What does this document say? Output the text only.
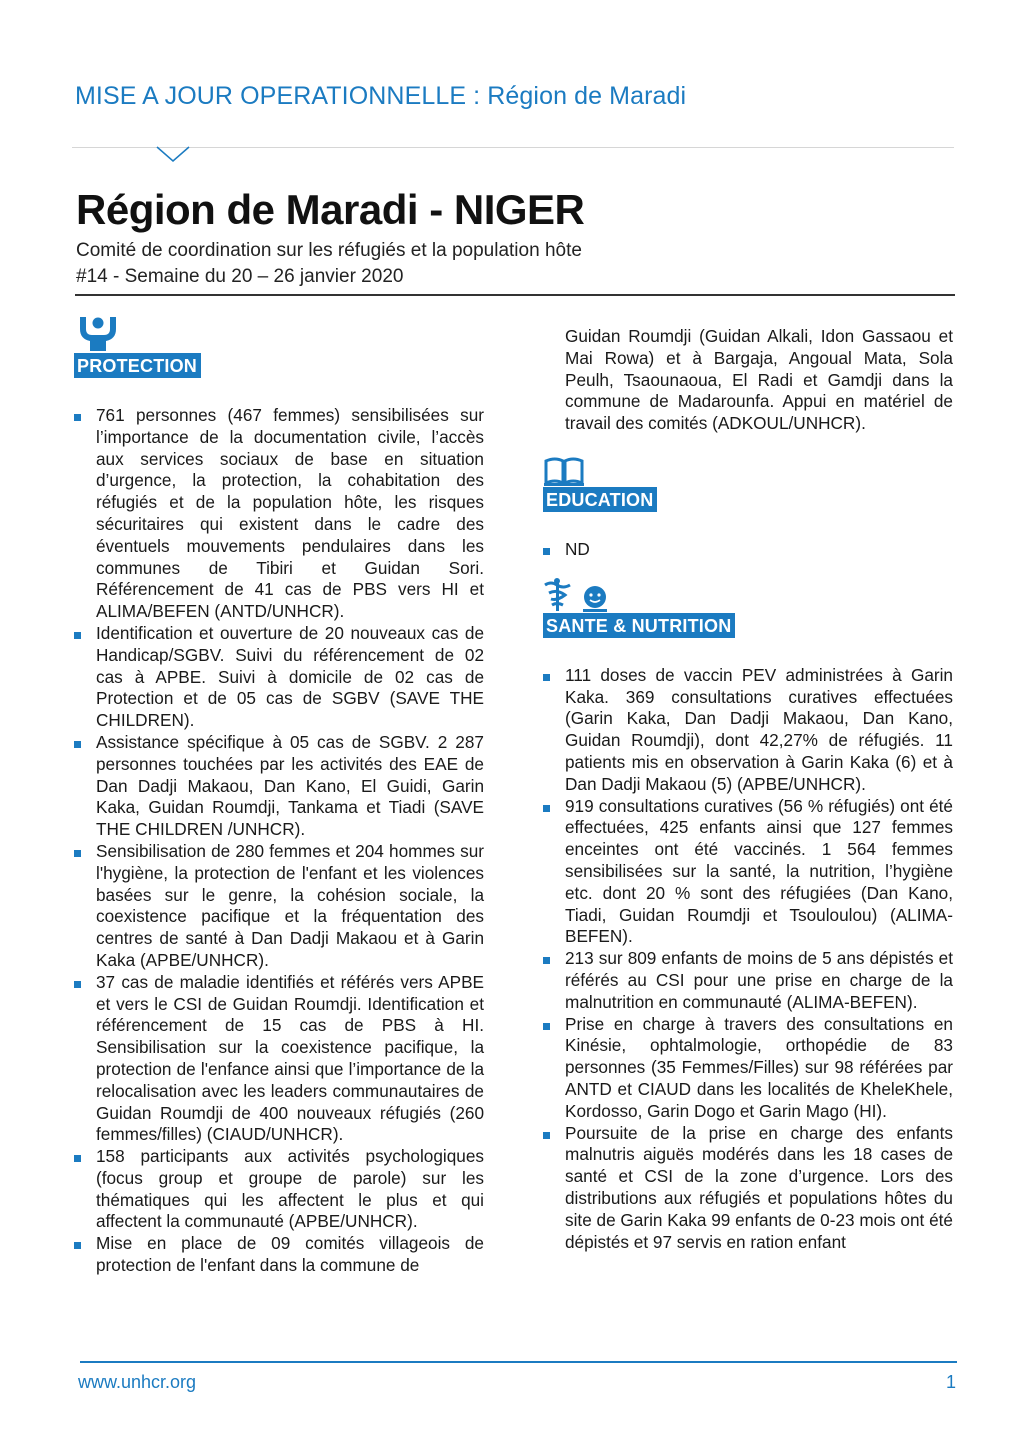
MISE A JOUR OPERATIONNELLE : Région de Maradi
Région de Maradi - NIGER
Comité de coordination sur les réfugiés et la population hôte
#14 - Semaine du 20 – 26 janvier 2020
PROTECTION
761 personnes (467 femmes) sensibilisées sur l’importance de la documentation civile, l’accès aux services sociaux de base en situation d’urgence, la protection, la cohabitation des réfugiés et de la population hôte, les risques sécuritaires qui existent dans le cadre des éventuels mouvements pendulaires dans les communes de Tibiri et Guidan Sori. Référencement de 41 cas de PBS vers HI et ALIMA/BEFEN (ANTD/UNHCR).
Identification et ouverture de 20 nouveaux cas de Handicap/SGBV. Suivi du référencement de 02 cas à APBE. Suivi à domicile de 02 cas de Protection et de 05 cas de SGBV (SAVE THE CHILDREN).
Assistance spécifique à 05 cas de SGBV. 2 287 personnes touchées par les activités des EAE de Dan Dadji Makaou, Dan Kano, El Guidi, Garin Kaka, Guidan Roumdji, Tankama et Tiadi (SAVE THE CHILDREN /UNHCR).
Sensibilisation de 280 femmes et 204 hommes sur l'hygiène, la protection de l'enfant et les violences basées sur le genre, la cohésion sociale, la coexistence pacifique et la fréquentation des centres de santé à Dan Dadji Makaou et à Garin Kaka (APBE/UNHCR).
37 cas de maladie identifiés et référés vers APBE et vers le CSI de Guidan Roumdji. Identification et référencement de 15 cas de PBS à HI. Sensibilisation sur la coexistence pacifique, la protection de l'enfance ainsi que l’importance de la relocalisation avec les leaders communautaires de Guidan Roumdji de 400 nouveaux réfugiés (260 femmes/filles) (CIAUD/UNHCR).
158 participants aux activités psychologiques (focus group et groupe de parole) sur les thématiques qui les affectent le plus et qui affectent la communauté (APBE/UNHCR).
Mise en place de 09 comités villageois de protection de l'enfant dans la commune de
Guidan Roumdji (Guidan Alkali, Idon Gassaou et Mai Rowa) et à Bargaja, Angoual Mata, Sola Peulh, Tsaounaoua, El Radi et Gamdji dans la commune de Madarounfa. Appui en matériel de travail des comités (ADKOUL/UNHCR).
EDUCATION
ND
SANTE & NUTRITION
111 doses de vaccin PEV administrées à Garin Kaka. 369 consultations curatives effectuées (Garin Kaka, Dan Dadji Makaou, Dan Kano, Guidan Roumdji), dont 42,27% de réfugiés. 11 patients mis en observation à Garin Kaka (6) et à Dan Dadji Makaou (5) (APBE/UNHCR).
919 consultations curatives (56 % réfugiés) ont été effectuées, 425 enfants ainsi que 127 femmes enceintes ont été vaccinés. 1 564 femmes sensibilisées sur la santé, la nutrition, l’hygiène etc. dont 20 % sont des réfugiées (Dan Kano, Tiadi, Guidan Roumdji et Tsouloulou) (ALIMA-BEFEN).
213 sur 809 enfants de moins de 5 ans dépistés et référés au CSI pour une prise en charge de la malnutrition en communauté (ALIMA-BEFEN).
Prise en charge à travers des consultations en Kinésie, ophtalmologie, orthopédie de 83 personnes (35 Femmes/Filles) sur 98 référées par ANTD et CIAUD dans les localités de KheleKhele, Kordosso, Garin Dogo et Garin Mago (HI).
Poursuite de la prise en charge des enfants malnutris aiguës modérés dans les 18 cases de santé et CSI de la zone d’urgence. Lors des distributions aux réfugiés et populations hôtes du site de Garin Kaka 99 enfants de 0-23 mois ont été dépistés et 97 servis en ration enfant
www.unhcr.org	1
